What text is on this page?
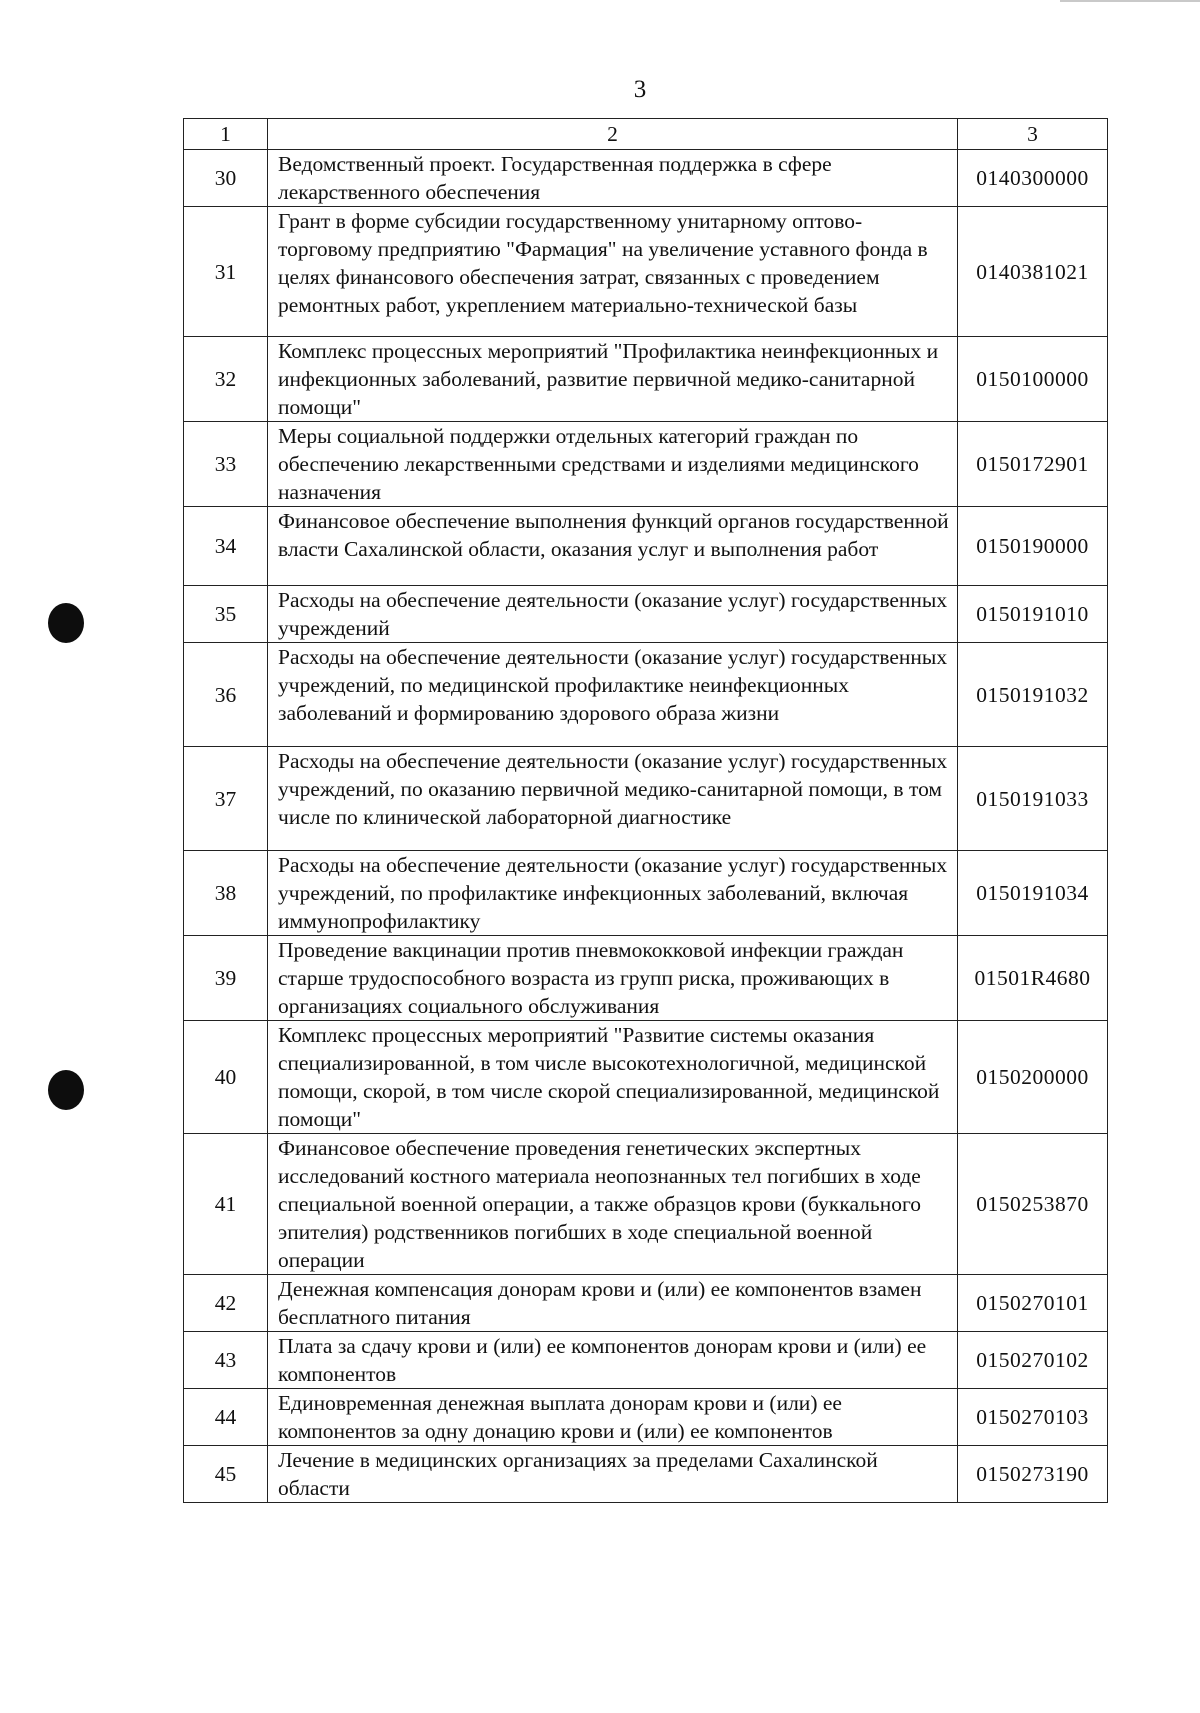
3
1	2	3
30	Ведомственный проект. Государственная поддержка в сфере лекарственного обеспечения	0140300000
31	Грант в форме субсидии государственному унитарному оптово-торговому предприятию "Фармация" на увеличение уставного фонда в целях финансового обеспечения затрат, связанных с проведением ремонтных работ, укреплением материально-технической базы	0140381021
32	Комплекс процессных мероприятий "Профилактика неинфекционных и инфекционных заболеваний, развитие первичной медико-санитарной помощи"	0150100000
33	Меры социальной поддержки отдельных категорий граждан по обеспечению лекарственными средствами и изделиями медицинского назначения	0150172901
34	Финансовое обеспечение выполнения функций органов государственной власти Сахалинской области, оказания услуг и выполнения работ	0150190000
35	Расходы на обеспечение деятельности (оказание услуг) государственных учреждений	0150191010
36	Расходы на обеспечение деятельности (оказание услуг) государственных учреждений, по медицинской профилактике неинфекционных заболеваний и формированию здорового образа жизни	0150191032
37	Расходы на обеспечение деятельности (оказание услуг) государственных учреждений, по оказанию первичной медико-санитарной помощи, в том числе по клинической лабораторной диагностике	0150191033
38	Расходы на обеспечение деятельности (оказание услуг) государственных учреждений, по профилактике инфекционных заболеваний, включая иммунопрофилактику	0150191034
39	Проведение вакцинации против пневмококковой инфекции граждан старше трудоспособного возраста из групп риска, проживающих в организациях социального обслуживания	01501R4680
40	Комплекс процессных мероприятий "Развитие системы оказания специализированной, в том числе высокотехнологичной, медицинской помощи, скорой, в том числе скорой специализированной, медицинской помощи"	0150200000
41	Финансовое обеспечение проведения генетических экспертных исследований костного материала неопознанных тел погибших в ходе специальной военной операции, а также образцов крови (буккального эпителия) родственников погибших в ходе специальной военной операции	0150253870
42	Денежная компенсация донорам крови и (или) ее компонентов взамен бесплатного питания	0150270101
43	Плата за сдачу крови и (или) ее компонентов донорам крови и (или) ее компонентов	0150270102
44	Единовременная денежная выплата донорам крови и (или) ее компонентов за одну донацию крови и (или) ее компонентов	0150270103
45	Лечение в медицинских организациях за пределами Сахалинской области	0150273190
